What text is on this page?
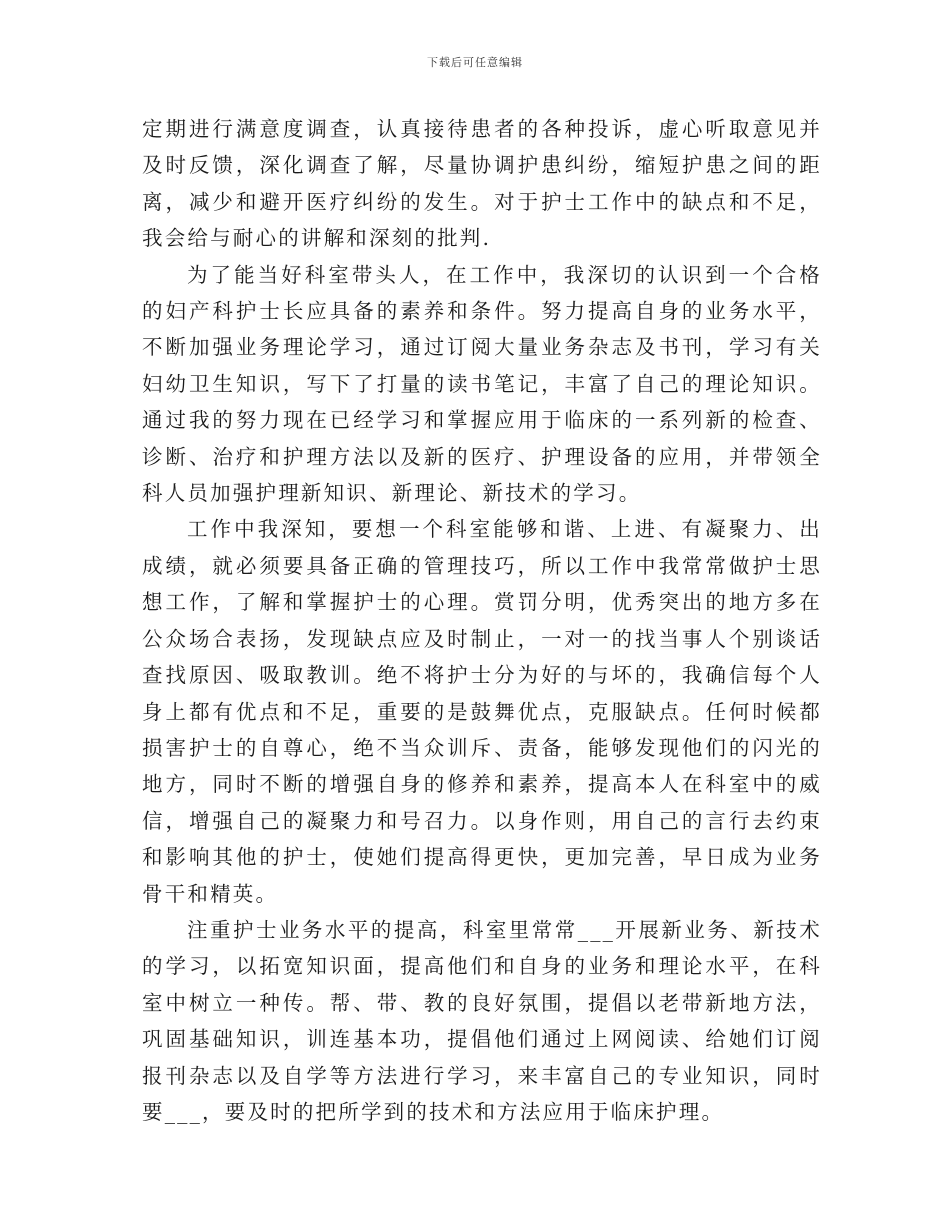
下载后可任意编辑

定期进行满意度调查，认真接待患者的各种投诉，虚心听取意见并及时反馈，深化调查了解，尽量协调护患纠纷，缩短护患之间的距离，减少和避开医疗纠纷的发生。对于护士工作中的缺点和不足，我会给与耐心的讲解和深刻的批判.

为了能当好科室带头人，在工作中，我深切的认识到一个合格的妇产科护士长应具备的素养和条件。努力提高自身的业务水平，不断加强业务理论学习，通过订阅大量业务杂志及书刊，学习有关妇幼卫生知识，写下了打量的读书笔记，丰富了自己的理论知识。通过我的努力现在已经学习和掌握应用于临床的一系列新的检查、诊断、治疗和护理方法以及新的医疗、护理设备的应用，并带领全科人员加强护理新知识、新理论、新技术的学习。

工作中我深知，要想一个科室能够和谐、上进、有凝聚力、出成绩，就必须要具备正确的管理技巧，所以工作中我常常做护士思想工作，了解和掌握护士的心理。赏罚分明，优秀突出的地方多在公众场合表扬，发现缺点应及时制止，一对一的找当事人个别谈话查找原因、吸取教训。绝不将护士分为好的与坏的，我确信每个人身上都有优点和不足，重要的是鼓舞优点，克服缺点。任何时候都损害护士的自尊心，绝不当众训斥、责备，能够发现他们的闪光的地方，同时不断的增强自身的修养和素养，提高本人在科室中的威信，增强自己的凝聚力和号召力。以身作则，用自己的言行去约束和影响其他的护士，使她们提高得更快，更加完善，早日成为业务骨干和精英。

注重护士业务水平的提高，科室里常常___开展新业务、新技术的学习，以拓宽知识面，提高他们和自身的业务和理论水平，在科室中树立一种传。帮、带、教的良好氛围，提倡以老带新地方法，巩固基础知识，训连基本功，提倡他们通过上网阅读、给她们订阅报刊杂志以及自学等方法进行学习，来丰富自己的专业知识，同时要___，要及时的把所学到的技术和方法应用于临床护理。
